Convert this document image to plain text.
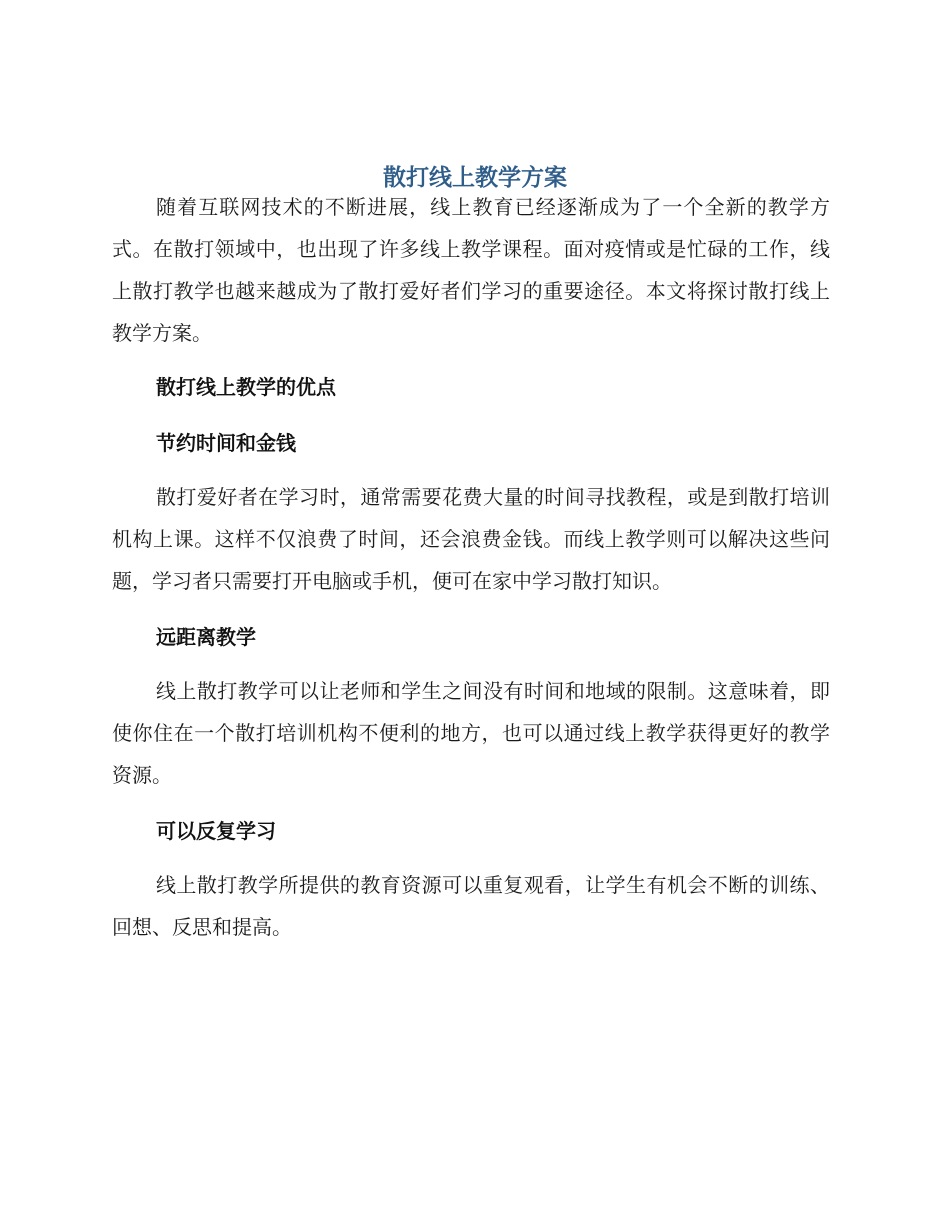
散打线上教学方案

随着互联网技术的不断进展，线上教育已经逐渐成为了一个全新的教学方式。在散打领域中，也出现了许多线上教学课程。面对疫情或是忙碌的工作，线上散打教学也越来越成为了散打爱好者们学习的重要途径。本文将探讨散打线上教学方案。

散打线上教学的优点
节约时间和金钱

散打爱好者在学习时，通常需要花费大量的时间寻找教程，或是到散打培训机构上课。这样不仅浪费了时间，还会浪费金钱。而线上教学则可以解决这些问题，学习者只需要打开电脑或手机，便可在家中学习散打知识。

远距离教学

线上散打教学可以让老师和学生之间没有时间和地域的限制。这意味着，即使你住在一个散打培训机构不便利的地方，也可以通过线上教学获得更好的教学资源。

可以反复学习

线上散打教学所提供的教育资源可以重复观看，让学生有机会不断的训练、回想、反思和提高。
